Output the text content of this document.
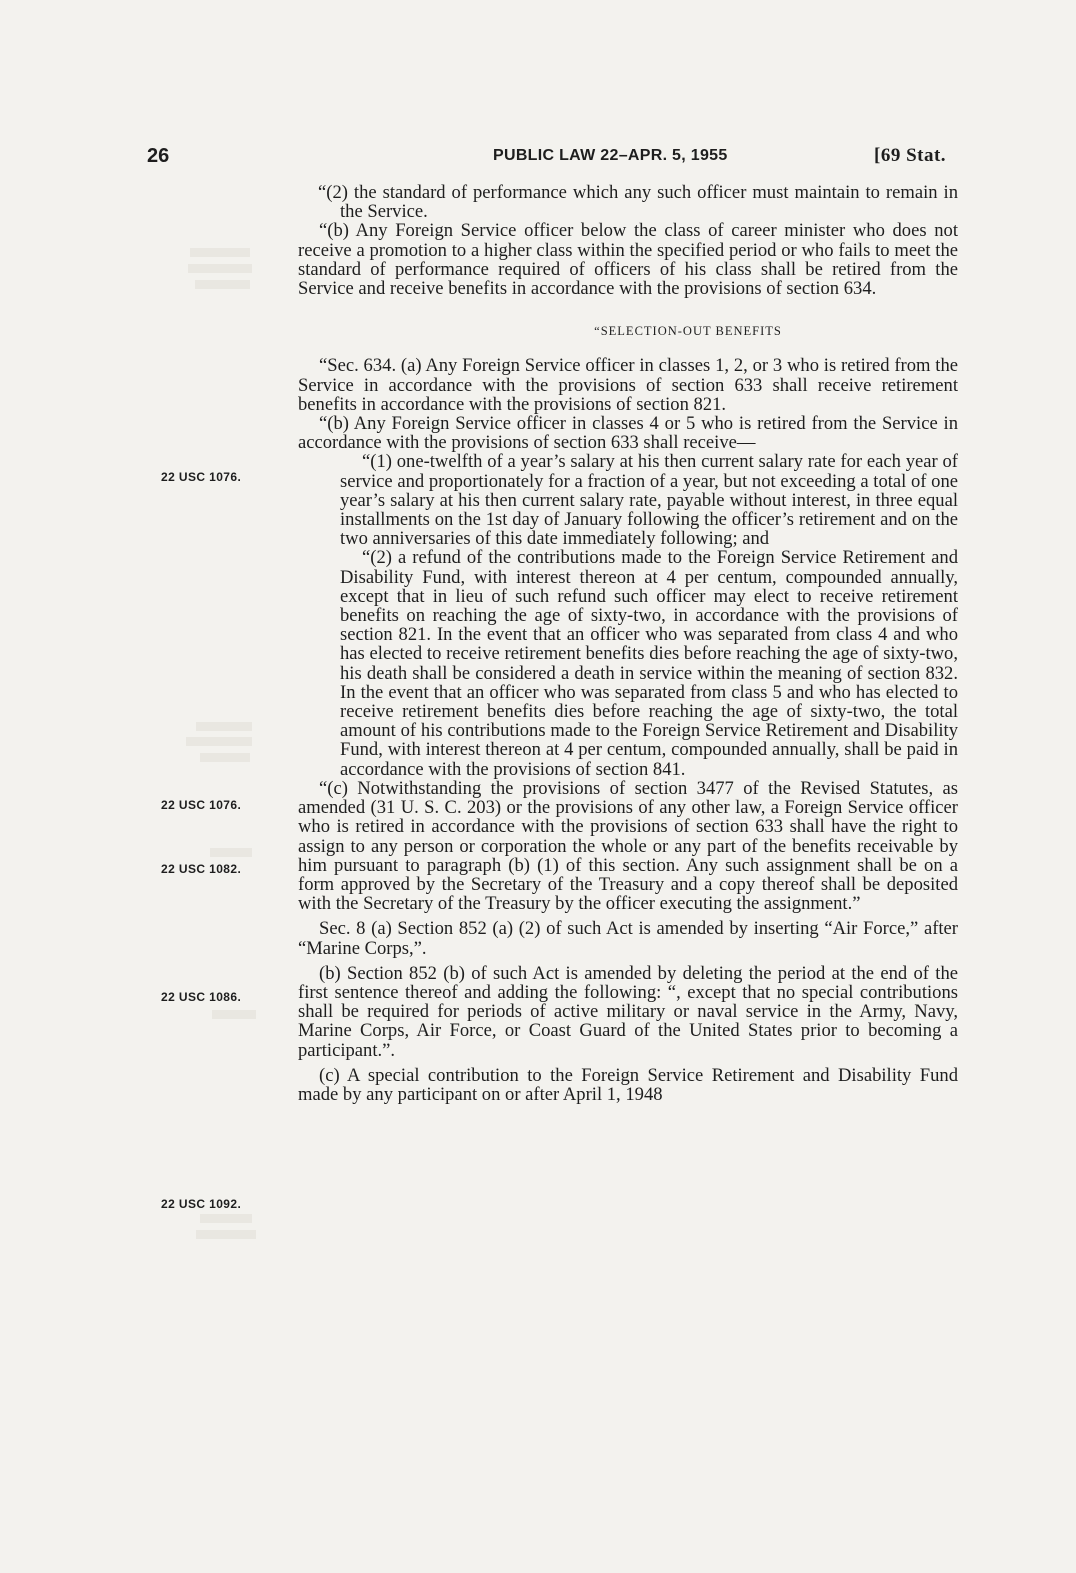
26	PUBLIC LAW 22–APR. 5, 1955	[69 Stat.
22 USC 1076.
22 USC 1076.
22 USC 1082.
22 USC 1086.
22 USC 1092.

“(2) the standard of performance which any such officer must maintain to remain in the Service.

“(b) Any Foreign Service officer below the class of career minister who does not receive a promotion to a higher class within the specified period or who fails to meet the standard of performance required of officers of his class shall be retired from the Service and receive benefits in accordance with the provisions of section 634.

“SELECTION-OUT BENEFITS

“Sec. 634. (a) Any Foreign Service officer in classes 1, 2, or 3 who is retired from the Service in accordance with the provisions of section 633 shall receive retirement benefits in accordance with the provisions of section 821.

“(b) Any Foreign Service officer in classes 4 or 5 who is retired from the Service in accordance with the provisions of section 633 shall receive—

“(1) one-twelfth of a year’s salary at his then current salary rate for each year of service and proportionately for a fraction of a year, but not exceeding a total of one year’s salary at his then current salary rate, payable without interest, in three equal installments on the 1st day of January following the officer’s retirement and on the two anniversaries of this date immediately following; and

“(2) a refund of the contributions made to the Foreign Service Retirement and Disability Fund, with interest thereon at 4 per centum, compounded annually, except that in lieu of such refund such officer may elect to receive retirement benefits on reaching the age of sixty-two, in accordance with the provisions of section 821. In the event that an officer who was separated from class 4 and who has elected to receive retirement benefits dies before reaching the age of sixty-two, his death shall be considered a death in service within the meaning of section 832. In the event that an officer who was separated from class 5 and who has elected to receive retirement benefits dies before reaching the age of sixty-two, the total amount of his contributions made to the Foreign Service Retirement and Disability Fund, with interest thereon at 4 per centum, compounded annually, shall be paid in accordance with the provisions of section 841.

“(c) Notwithstanding the provisions of section 3477 of the Revised Statutes, as amended (31 U. S. C. 203) or the provisions of any other law, a Foreign Service officer who is retired in accordance with the provisions of section 633 shall have the right to assign to any person or corporation the whole or any part of the benefits receivable by him pursuant to paragraph (b) (1) of this section. Any such assignment shall be on a form approved by the Secretary of the Treasury and a copy thereof shall be deposited with the Secretary of the Treasury by the officer executing the assignment.”

Sec. 8 (a) Section 852 (a) (2) of such Act is amended by inserting “Air Force,” after “Marine Corps,”.

(b) Section 852 (b) of such Act is amended by deleting the period at the end of the first sentence thereof and adding the following: “, except that no special contributions shall be required for periods of active military or naval service in the Army, Navy, Marine Corps, Air Force, or Coast Guard of the United States prior to becoming a participant.”.

(c) A special contribution to the Foreign Service Retirement and Disability Fund made by any participant on or after April 1, 1948
